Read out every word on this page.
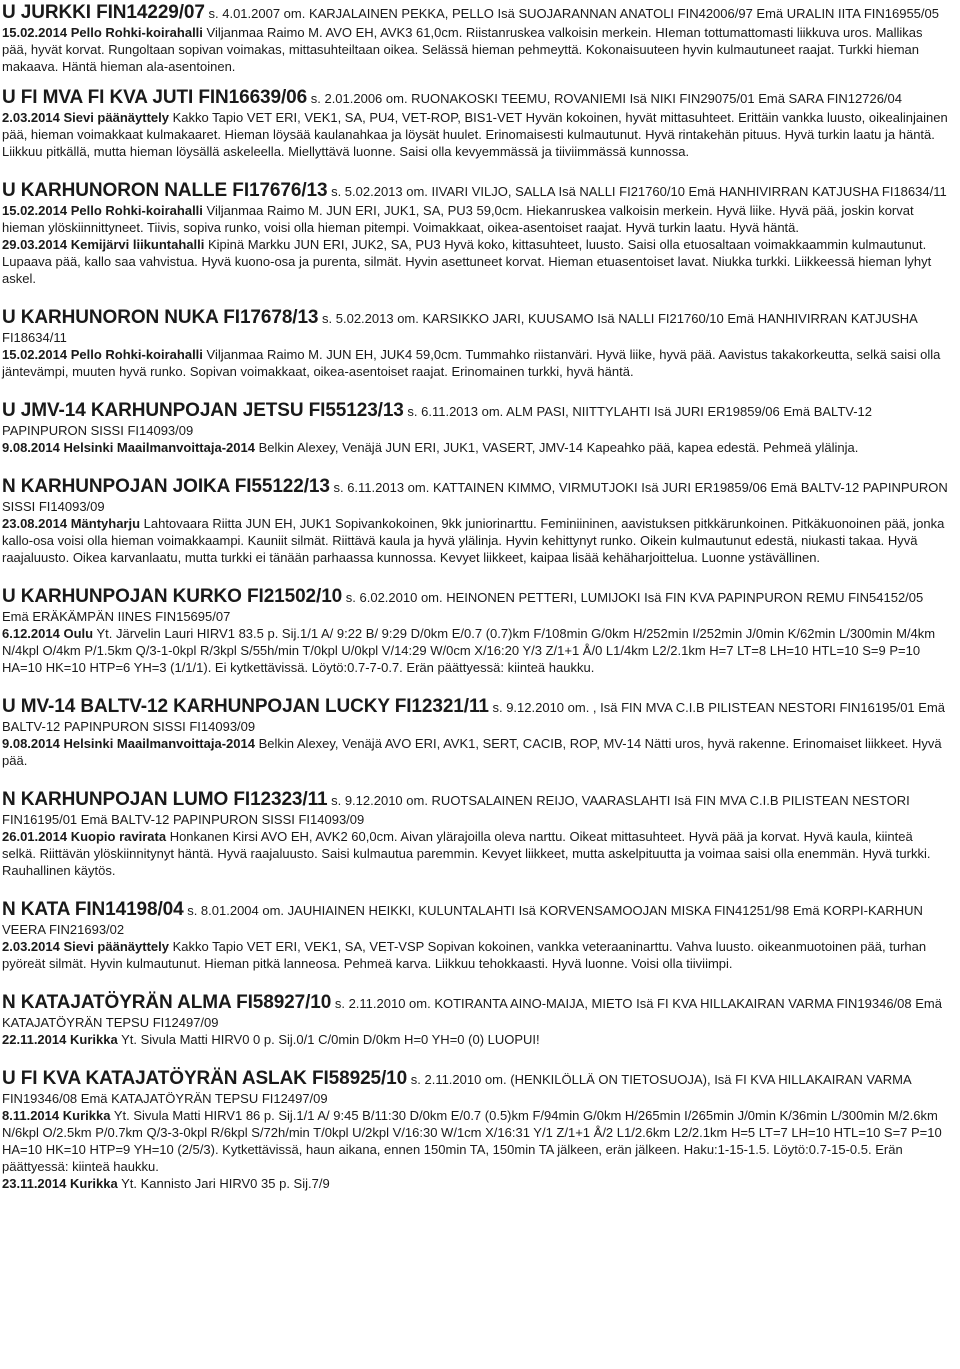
U JURKKI FIN14229/07 s. 4.01.2007 om. KARJALAINEN PEKKA, PELLO Isä SUOJARANNAN ANATOLI FIN42006/97 Emä URALIN IITA FIN16955/05

15.02.2014 Pello Rohki-koirahalli Viljanmaa Raimo M. AVO EH, AVK3 61,0cm. Riistanruskea valkoisin merkein. HIeman tottumattomasti liikkuva uros. Mallikas pää, hyvät korvat. Rungoltaan sopivan voimakas, mittasuhteiltaan oikea. Selässä hieman pehmeyttä. Kokonaisuuteen hyvin kulmautuneet raajat. Turkki hieman makaava. Häntä hieman ala-asentoinen.

U FI MVA FI KVA JUTI FIN16639/06 s. 2.01.2006 om. RUONAKOSKI TEEMU, ROVANIEMI Isä NIKI FIN29075/01 Emä SARA FIN12726/04

2.03.2014 Sievi päänäyttely Kakko Tapio VET ERI, VEK1, SA, PU4, VET-ROP, BIS1-VET Hyvän kokoinen, hyvät mittasuhteet. Erittäin vankka luusto, oikealinjainen pää, hieman voimakkaat kulmakaaret. Hieman löysää kaulanahkaa ja löysät huulet. Erinomaisesti kulmautunut. Hyvä rintakehän pituus. Hyvä turkin laatu ja häntä. Liikkuu pitkällä, mutta hieman löysällä askeleella. Miellyttävä luonne. Saisi olla kevyemmässä ja tiiviimmässä kunnossa.

U KARHUNORON NALLE FI17676/13 s. 5.02.2013 om. IIVARI VILJO, SALLA Isä NALLI FI21760/10 Emä HANHIVIRRAN KATJUSHA FI18634/11

15.02.2014 Pello Rohki-koirahalli Viljanmaa Raimo M. JUN ERI, JUK1, SA, PU3 59,0cm. Hiekanruskea valkoisin merkein. Hyvä liike. Hyvä pää, joskin korvat hieman ylöskiinnittyneet. Tiivis, sopiva runko, voisi olla hieman pitempi. Voimakkaat, oikea-asentoiset raajat. Hyvä turkin laatu. Hyvä häntä.

29.03.2014 Kemijärvi liikuntahalli Kipinä Markku JUN ERI, JUK2, SA, PU3 Hyvä koko, kittasuhteet, luusto. Saisi olla etuosaltaan voimakkaammin kulmautunut. Lupaava pää, kallo saa vahvistua. Hyvä kuono-osa ja purenta, silmät. Hyvin asettuneet korvat. Hieman etuasentoiset lavat. Niukka turkki. Liikkeessä hieman lyhyt askel.

U KARHUNORON NUKA FI17678/13 s. 5.02.2013 om. KARSIKKO JARI, KUUSAMO Isä NALLI FI21760/10 Emä HANHIVIRRAN KATJUSHA FI18634/11

15.02.2014 Pello Rohki-koirahalli Viljanmaa Raimo M. JUN EH, JUK4 59,0cm. Tummahko riistanväri. Hyvä liike, hyvä pää. Aavistus takakorkeutta, selkä saisi olla jäntevämpi, muuten hyvä runko. Sopivan voimakkaat, oikea-asentoiset raajat. Erinomainen turkki, hyvä häntä.

U JMV-14 KARHUNPOJAN JETSU FI55123/13 s. 6.11.2013 om. ALM PASI, NIITTYLAHTI Isä JURI ER19859/06 Emä BALTV-12 PAPINPURON SISSI FI14093/09

9.08.2014 Helsinki Maailmanvoittaja-2014 Belkin Alexey, Venäjä JUN ERI, JUK1, VASERT, JMV-14 Kapeahko pää, kapea edestä. Pehmeä ylälinja.

N KARHUNPOJAN JOIKA FI55122/13 s. 6.11.2013 om. KATTAINEN KIMMO, VIRMUTJOKI Isä JURI ER19859/06 Emä BALTV-12 PAPINPURON SISSI FI14093/09

23.08.2014 Mäntyharju Lahtovaara Riitta JUN EH, JUK1 Sopivankokoinen, 9kk juniorinarttu. Feminiininen, aavistuksen pitkkärunkoinen. Pitkäkuonoinen pää, jonka kallo-osa voisi olla hieman voimakkaampi. Kauniit silmät. Riittävä kaula ja hyvä ylälinja. Hyvin kehittynyt runko. Oikein kulmautunut edestä, niukasti takaa. Hyvä raajaluusto. Oikea karvanlaatu, mutta turkki ei tänään parhaassa kunnossa. Kevyet liikkeet, kaipaa lisää kehäharjoittelua. Luonne ystävällinen.

U KARHUNPOJAN KURKO FI21502/10 s. 6.02.2010 om. HEINONEN PETTERI, LUMIJOKI Isä FIN KVA PAPINPURON REMU FIN54152/05 Emä ERÄKÄMPÄN IINES FIN15695/07

6.12.2014 Oulu Yt. Järvelin Lauri HIRV1 83.5 p. Sij.1/1 A/ 9:22 B/ 9:29 D/0km E/0.7 (0.7)km F/108min G/0km H/252min I/252min J/0min K/62min L/300min M/4km N/4kpl O/4km P/1.5km Q/3-1-0kpl R/3kpl S/55h/min T/0kpl U/0kpl V/14:29 W/0cm X/16:20 Y/3 Z/1+1 Å/0 L1/4km L2/2.1km H=7 LT=8 LH=10 HTL=10 S=9 P=10 HA=10 HK=10 HTP=6 YH=3 (1/1/1). Ei kytkettävissä. Löytö:0.7-7-0.7. Erän päättyessä: kiinteä haukku.

U MV-14 BALTV-12 KARHUNPOJAN LUCKY FI12321/11 s. 9.12.2010 om. , Isä FIN MVA C.I.B PILISTEAN NESTORI FIN16195/01 Emä BALTV-12 PAPINPURON SISSI FI14093/09

9.08.2014 Helsinki Maailmanvoittaja-2014 Belkin Alexey, Venäjä AVO ERI, AVK1, SERT, CACIB, ROP, MV-14 Nätti uros, hyvä rakenne. Erinomaiset liikkeet. Hyvä pää.

N KARHUNPOJAN LUMO FI12323/11 s. 9.12.2010 om. RUOTSALAINEN REIJO, VAARASLAHTI Isä FIN MVA C.I.B PILISTEAN NESTORI FIN16195/01 Emä BALTV-12 PAPINPURON SISSI FI14093/09

26.01.2014 Kuopio ravirata Honkanen Kirsi AVO EH, AVK2 60,0cm. Aivan ylärajoilla oleva narttu. Oikeat mittasuhteet. Hyvä pää ja korvat. Hyvä kaula, kiinteä selkä. Riittävän ylöskiinnitynyt häntä. Hyvä raajaluusto. Saisi kulmautua paremmin. Kevyet liikkeet, mutta askelpituutta ja voimaa saisi olla enemmän. Hyvä turkki. Rauhallinen käytös.

N KATA FIN14198/04 s. 8.01.2004 om. JAUHIAINEN HEIKKI, KULUNTALAHTI Isä KORVENSAMOOJAN MISKA FIN41251/98 Emä KORPI-KARHUN VEERA FIN21693/02

2.03.2014 Sievi päänäyttely Kakko Tapio VET ERI, VEK1, SA, VET-VSP Sopivan kokoinen, vankka veteraaninarttu. Vahva luusto. oikeanmuotoinen pää, turhan pyöreät silmät. Hyvin kulmautunut. Hieman pitkä lanneosa. Pehmeä karva. Liikkuu tehokkaasti. Hyvä luonne. Voisi olla tiiviimpi.

N KATAJATÖYRÄN ALMA FI58927/10 s. 2.11.2010 om. KOTIRANTA AINO-MAIJA, MIETO Isä FI KVA HILLAKAIRAN VARMA FIN19346/08 Emä KATAJATÖYRÄN TEPSU FI12497/09

22.11.2014 Kurikka Yt. Sivula Matti HIRV0 0 p. Sij.0/1 C/0min D/0km H=0 YH=0 (0) LUOPUI!

U FI KVA KATAJATÖYRÄN ASLAK FI58925/10 s. 2.11.2010 om. (HENKILÖLLÄ ON TIETOSUOJA), Isä FI KVA HILLAKAIRAN VARMA FIN19346/08 Emä KATAJATÖYRÄN TEPSU FI12497/09

8.11.2014 Kurikka Yt. Sivula Matti HIRV1 86 p. Sij.1/1 A/ 9:45 B/11:30 D/0km E/0.7 (0.5)km F/94min G/0km H/265min I/265min J/0min K/36min L/300min M/2.6km N/6kpl O/2.5km P/0.7km Q/3-3-0kpl R/6kpl S/72h/min T/0kpl U/2kpl V/16:30 W/1cm X/16:31 Y/1 Z/1+1 Å/2 L1/2.6km L2/2.1km H=5 LT=7 LH=10 HTL=10 S=7 P=10 HA=10 HK=10 HTP=9 YH=10 (2/5/3). Kytkettävissä, haun aikana, ennen 150min TA, 150min TA jälkeen, erän jälkeen. Haku:1-15-1.5. Löytö:0.7-15-0.5. Erän päättyessä: kiinteä haukku.

23.11.2014 Kurikka Yt. Kannisto Jari HIRV0 35 p. Sij.7/9
